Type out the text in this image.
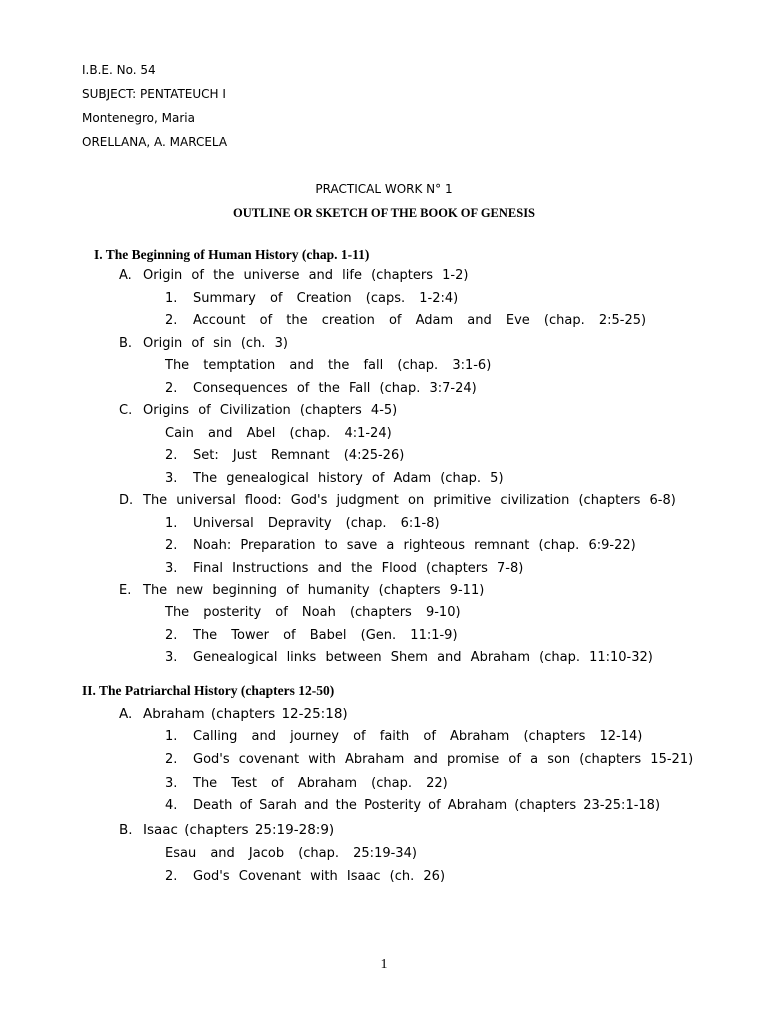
I.B.E. No. 54
SUBJECT: PENTATEUCH I
Montenegro, Maria
ORELLANA, A. MARCELA
PRACTICAL WORK N° 1
OUTLINE OR SKETCH OF THE BOOK OF GENESIS
I. The Beginning of Human History (chap. 1-11)
A. Origin of the universe and life (chapters 1-2)
1. Summary of Creation (caps. 1-2:4)
2. Account of the creation of Adam and Eve (chap. 2:5-25)
B. Origin of sin (ch. 3)
The temptation and the fall (chap. 3:1-6)
2. Consequences of the Fall (chap. 3:7-24)
C. Origins of Civilization (chapters 4-5)
Cain and Abel (chap. 4:1-24)
2. Set: Just Remnant (4:25-26)
3. The genealogical history of Adam (chap. 5)
D. The universal flood: God's judgment on primitive civilization (chapters 6-8)
1. Universal Depravity (chap. 6:1-8)
2. Noah: Preparation to save a righteous remnant (chap. 6:9-22)
3. Final Instructions and the Flood (chapters 7-8)
E. The new beginning of humanity (chapters 9-11)
The posterity of Noah (chapters 9-10)
2. The Tower of Babel (Gen. 11:1-9)
3. Genealogical links between Shem and Abraham (chap. 11:10-32)
II. The Patriarchal History (chapters 12-50)
A. Abraham (chapters 12-25:18)
1. Calling and journey of faith of Abraham (chapters 12-14)
2. God's covenant with Abraham and promise of a son (chapters 15-21)
3. The Test of Abraham (chap. 22)
4. Death of Sarah and the Posterity of Abraham (chapters 23-25:1-18)
B. Isaac (chapters 25:19-28:9)
Esau and Jacob (chap. 25:19-34)
2. God's Covenant with Isaac (ch. 26)
1
